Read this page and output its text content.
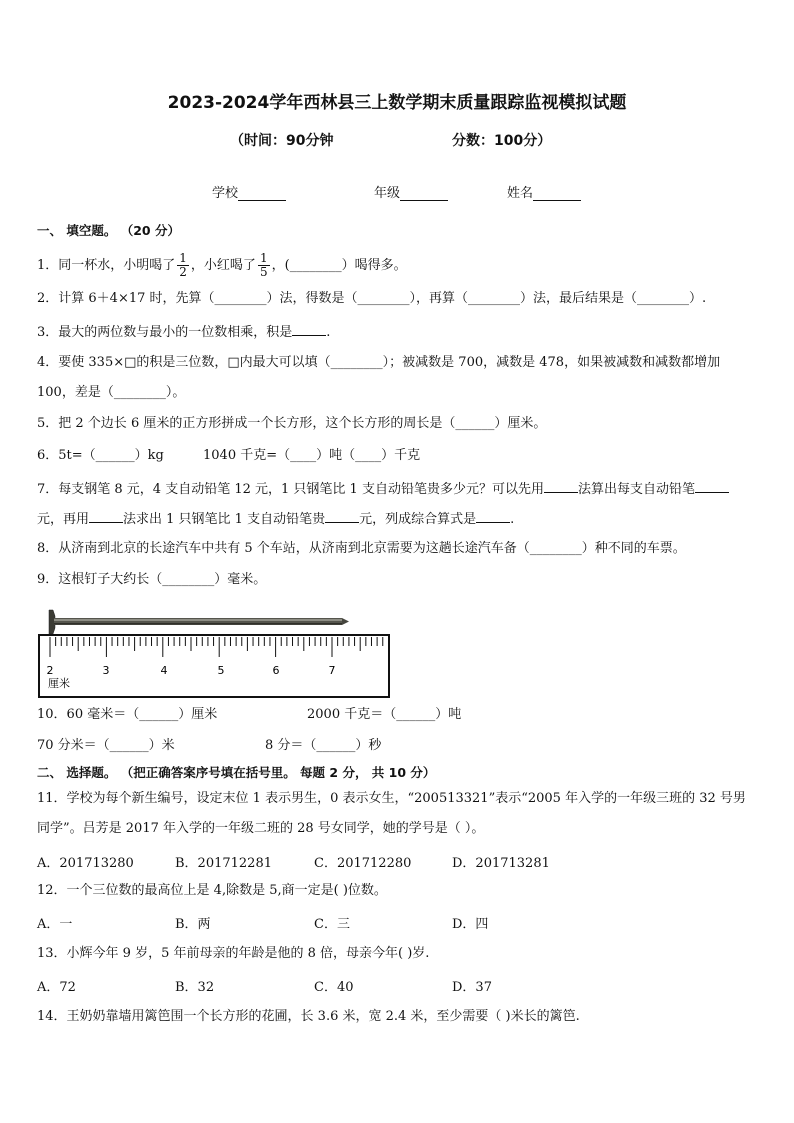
2023-2024学年西林县三上数学期末质量跟踪监视模拟试题
（时间：90分钟	分数：100分）
学校	年级	姓名
一、 填空题。 （20 分）
1．同一杯水，小明喝了 $\frac{1}{2}$ ，小红喝了 $\frac{1}{5}$ ，(________）喝得多。
2．计算 6＋4×17 时，先算（________）法，得数是（________），再算（________）法，最后结果是（________）.
3．最大的两位数与最小的一位数相乘，积是	.
4．要使 335×□的积是三位数，□内最大可以填（________）；被减数是 700，减数是 478，如果被减数和减数都增加
100，差是（________）。
5．把 2 个边长 6 厘米的正方形拼成一个长方形，这个长方形的周长是（______）厘米。
6．5t=（______）kg	1040 千克=（____）吨（____）千克
7．每支钢笔 8 元，4 支自动铅笔 12 元，1 只钢笔比 1 支自动铅笔贵多少元？可以先用	法算出每支自动铅笔
元，再用	法求出 1 只钢笔比 1 支自动铅笔贵	元，列成综合算式是	.
8．从济南到北京的长途汽车中共有 5 个车站，从济南到北京需要为这趟长途汽车备（________）种不同的车票。
9．这根钉子大约长（________）毫米。
2	3	4	5	6	7
厘米
10．60 毫米＝（______）厘米	2000 千克＝（______）吨
70 分米＝（______）米	8 分＝（______）秒
二、 选择题。 （把正确答案序号填在括号里。 每题 2 分， 共 10 分）
11．学校为每个新生编号，设定末位 1 表示男生，0 表示女生，“200513321”表示“2005 年入学的一年级三班的 32 号男
同学”。吕芳是 2017 年入学的一年级二班的 28 号女同学，她的学号是（ ）。
A．201713280	B．201712281	C．201712280	D．201713281
12．一个三位数的最高位上是 4,除数是 5,商一定是( )位数。
A．一	B．两	C．三	D．四
13．小辉今年 9 岁，5 年前母亲的年龄是他的 8 倍，母亲今年( )岁.
A．72	B．32	C．40	D．37
14．王奶奶靠墙用篱笆围一个长方形的花圃，长 3.6 米，宽 2.4 米，至少需要（ )米长的篱笆.
